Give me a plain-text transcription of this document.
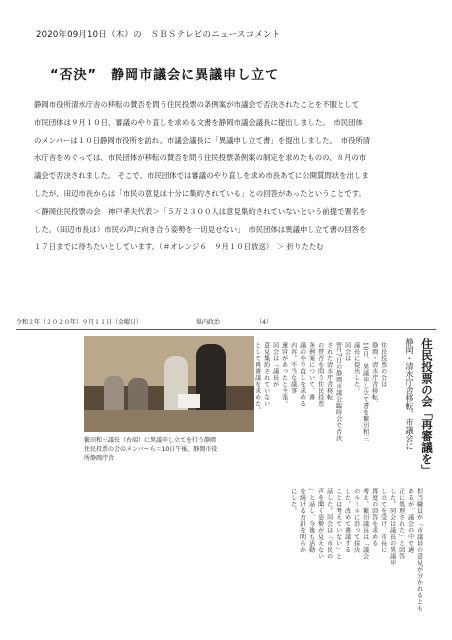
2020年09月10日（木）の　ＳＢＳテレビのニュースコメント
“否決”　静岡市議会に異議申し立て

静岡市役所清水庁舎の移転の賛否を問う住民投票の条例案が市議会で否決されたことを不服として

市民団体は９月１０日、審議のやり直しを求める文書を静岡市議会議長に提出しました。　市民団体

のメンバーは１０日静岡市役所を訪れ、市議会議長に「異議申し立て書」を提出しました。　市役所清

水庁舎をめぐっては、市民団体が移転の賛否を問う住民投票条例案の制定を求めたものの、８月の市

議会で否決されました。 そこで、市民団体では審議のやり直しを求め市長あてに公開質問状を出しま

したが、田辺市長からは「市民の意見は十分に集約されている」との回答があったということです。

＜静岡住民投票の会　神戸孝夫代表＞「５万２３００人は意見集約されていないという前提で署名を

した。（田辺市長は）市民の声に向き合う姿勢を一切見せない」　市民団体は異議申し立て書の回答を

１７日までに待ちたいとしています。（＃オレンジ６　９月１０日放送）　＞ 折りたたむ

令和２年（２０２０年）９月１１日（金曜日）	県内政治	（4）

繁田和三議長（右端）に異議申し立てを行う静岡

住民投票の会のメンバーら＝10日午後、静岡市役

所静岡庁舎	住民投票の会「再審議を」
静岡・清水庁舎移転、市議会に
住民投票の会は
静岡・清水庁舎移転、
10日、異議申し立て書を繁田和三
議長に提出した。
同会は
8月7日の静岡市議会臨時会で否決
された清水庁舎移転
の賛否を問う住民投票
条例案について、審
議のやり直しを求める
内容。不当な議事
運営があったと主張。
同会は「議長が
意見集約されていない
として再審議を求めた。
担当職員が「市議員の意見が分かれるとも
あるが、議会の中で適
正に処理された」と回答
した。同会は議長の異議申
し立てを受け、市長に
再度の回答を求める
考え。繁田議長は「議会
のルールに沿って採決
した。改めて審議する
ことは考えていない」と
話した。同会は「市民の
声を聞く姿勢が見えない
」と話し、今後も活動
を続ける方針を明らか
にした。
